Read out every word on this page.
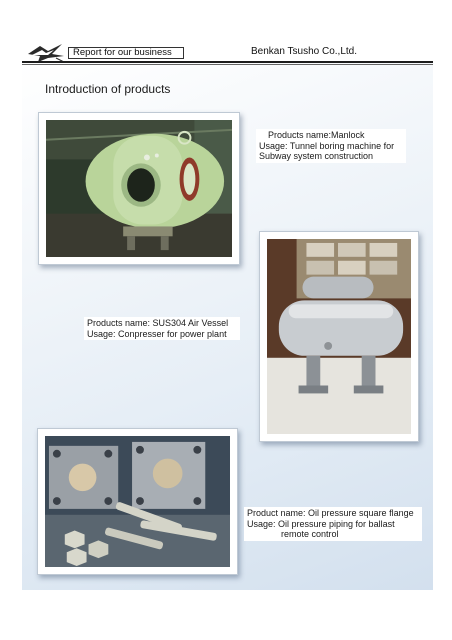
Report for our business	Benkan Tsusho Co.,Ltd.
Introduction of products
Products name:Manlock
Usage: Tunnel boring machine for
Subway system construction
Products name: SUS304 Air Vessel
Usage: Conpresser for power plant
Product name: Oil pressure square flange
Usage: Oil pressure piping for ballast
remote control
